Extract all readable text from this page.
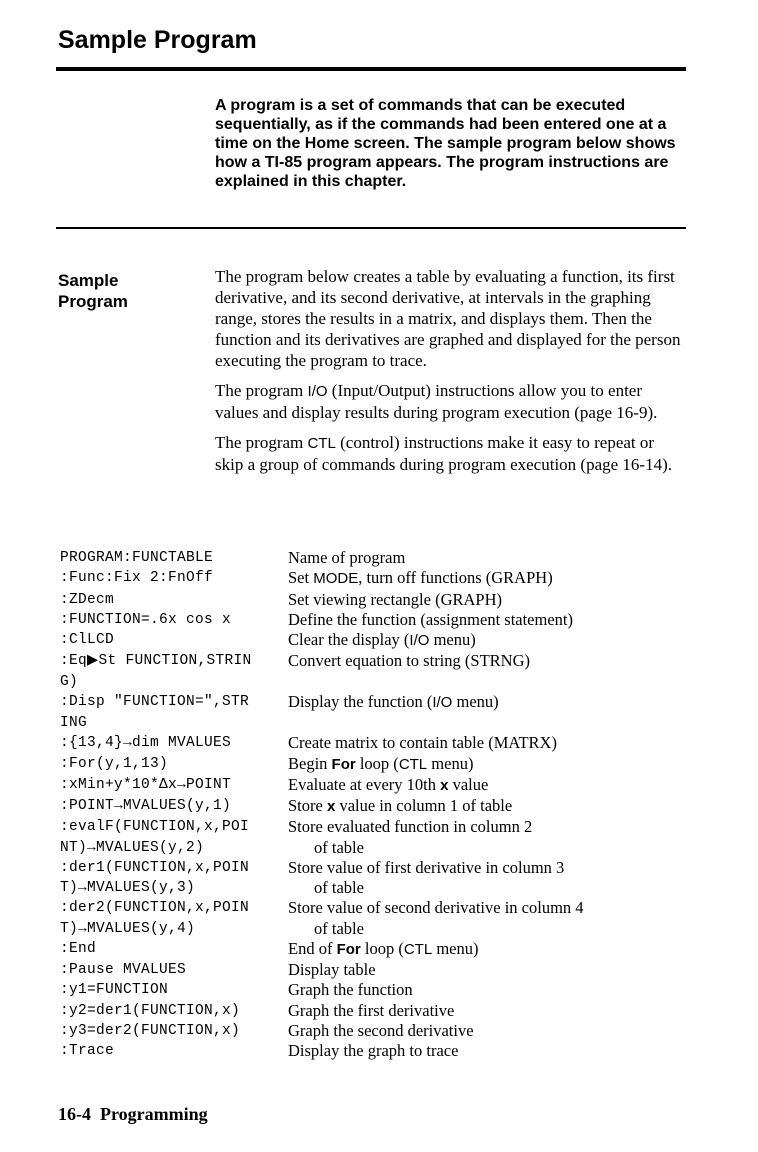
Sample Program

A program is a set of commands that can be executed sequentially, as if the commands had been entered one at a time on the Home screen. The sample program below shows how a TI-85 program appears. The program instructions are explained in this chapter.

Sample
Program

The program below creates a table by evaluating a function, its first derivative, and its second derivative, at intervals in the graphing range, stores the results in a matrix, and displays them. Then the function and its derivatives are graphed and displayed for the person executing the program to trace.

The program I/O (Input/Output) instructions allow you to enter values and display results during program execution (page 16-9).

The program CTL (control) instructions make it easy to repeat or skip a group of commands during program execution (page 16-14).

PROGRAM:FUNCTABLE	Name of program
:Func:Fix 2:FnOff	Set MODE, turn off functions (GRAPH)
:ZDecm	Set viewing rectangle (GRAPH)
:FUNCTION=.6x cos x	Define the function (assignment statement)
:ClLCD	Clear the display (I/O menu)
:Eq▶St FUNCTION,STRIN	Convert equation to string (STRNG)
G)
:Disp "FUNCTION=",STR	Display the function (I/O menu)
ING
:{13,4}→dim MVALUES	Create matrix to contain table (MATRX)
:For(y,1,13)	Begin For loop (CTL menu)
:xMin+y*10*Δx→POINT	Evaluate at every 10th x value
:POINT→MVALUES(y,1)	Store x value in column 1 of table
:evalF(FUNCTION,x,POI	Store evaluated function in column 2
NT)→MVALUES(y,2)	of table
:der1(FUNCTION,x,POIN	Store value of first derivative in column 3
T)→MVALUES(y,3)	of table
:der2(FUNCTION,x,POIN	Store value of second derivative in column 4
T)→MVALUES(y,4)	of table
:End	End of For loop (CTL menu)
:Pause MVALUES	Display table
:y1=FUNCTION	Graph the function
:y2=der1(FUNCTION,x)	Graph the first derivative
:y3=der2(FUNCTION,x)	Graph the second derivative
:Trace	Display the graph to trace
16-4  Programming
